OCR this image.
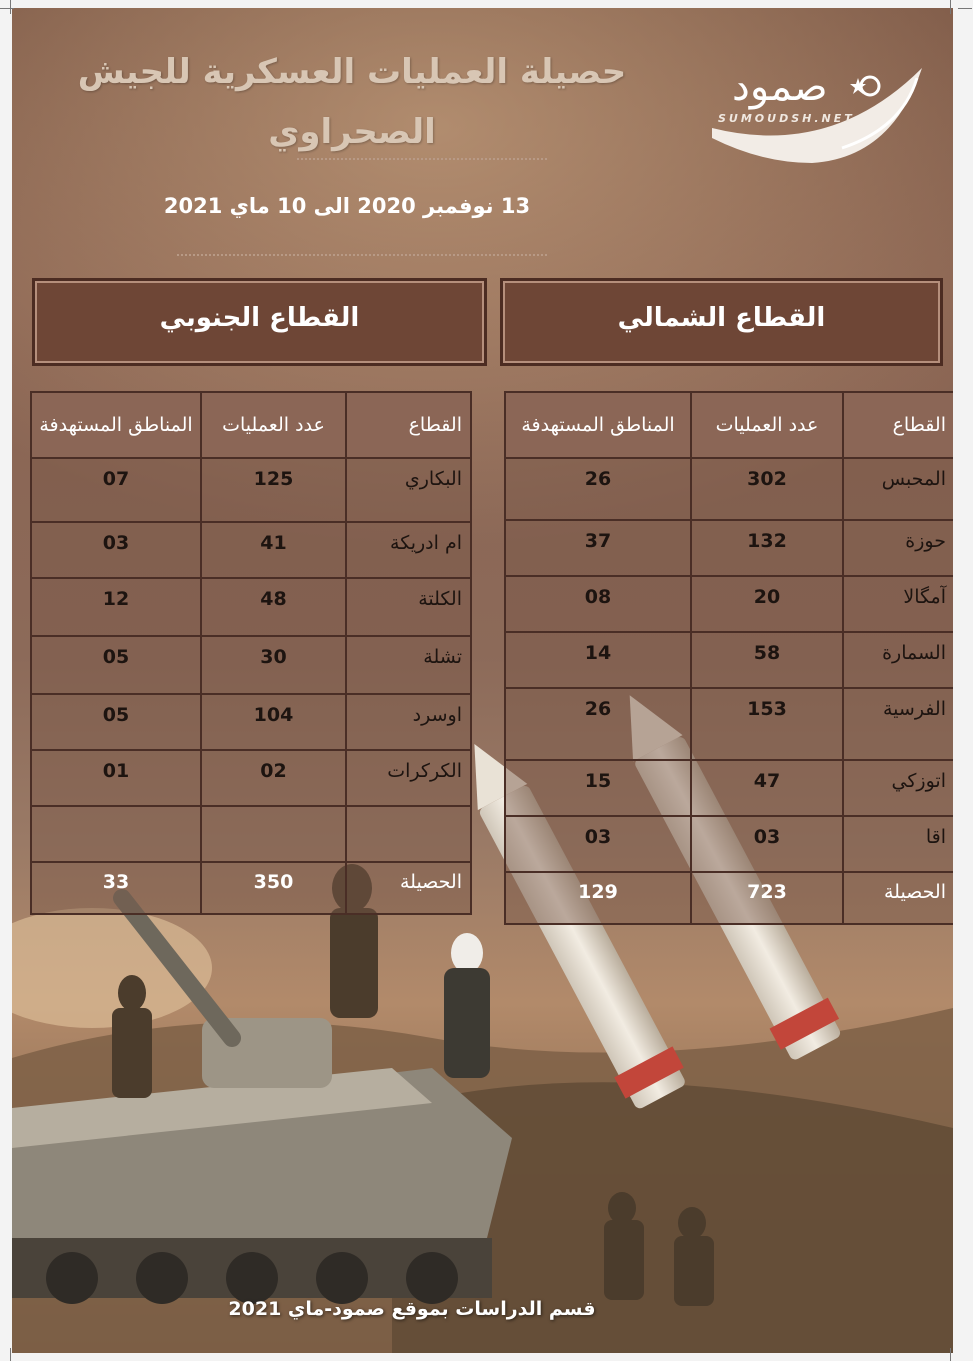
حصيلة العمليات العسكرية للجيش
الصحراوي
13 نوفمبر 2020 الى 10 ماي 2021
صمود
SUMOUDSH.NET
القطاع الشمالي
القطاع الجنوبي
القطاع	عدد العمليات	المناطق المستهدفة
المحبس	302	26
حوزة	132	37
آمگالا	20	08
السمارة	58	14
الفرسية	153	26
اتوزكي	47	15
اقا	03	03
الحصيلة	723	129
القطاع	عدد العمليات	المناطق المستهدفة
البكاري	125	07
ام ادريكة	41	03
الكلتة	48	12
تشلة	30	05
اوسرد	104	05
الكركرات	02	01

الحصيلة	350	33
قسم الدراسات بموقع صمود-ماي 2021
